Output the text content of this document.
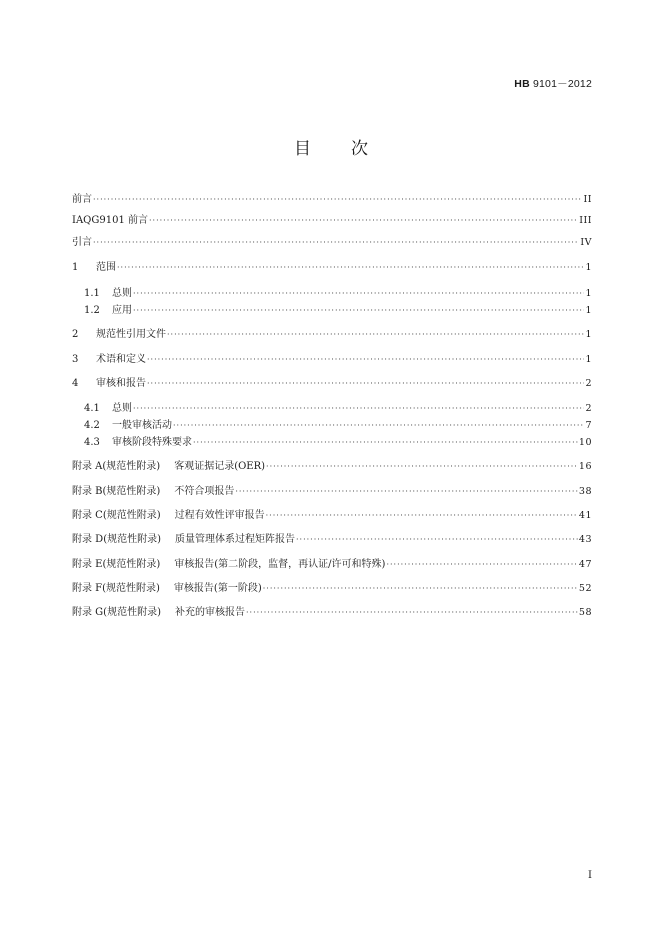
HB 9101－2012
目 次
前言 ·····	II
IAQG9101 前言 ·····	III
引言 ·····	IV
1 范围 ·····	1
1.1 总则 ·····	1
1.2 应用 ·····	1
2 规范性引用文件 ·····	1
3 术语和定义 ·····	1
4 审核和报告 ·····	2
4.1 总则 ·····	2
4.2 一般审核活动 ·····	7
4.3 审核阶段特殊要求 ·····	10
附录 A(规范性附录) 客观证据记录(OER) ·····	16
附录 B(规范性附录) 不符合项报告 ·····	38
附录 C(规范性附录) 过程有效性评审报告 ·····	41
附录 D(规范性附录) 质量管理体系过程矩阵报告 ·····	43
附录 E(规范性附录) 审核报告(第二阶段，监督，再认证/许可和特殊) ·····	47
附录 F(规范性附录) 审核报告(第一阶段) ·····	52
附录 G(规范性附录) 补充的审核报告 ·····	58
I
